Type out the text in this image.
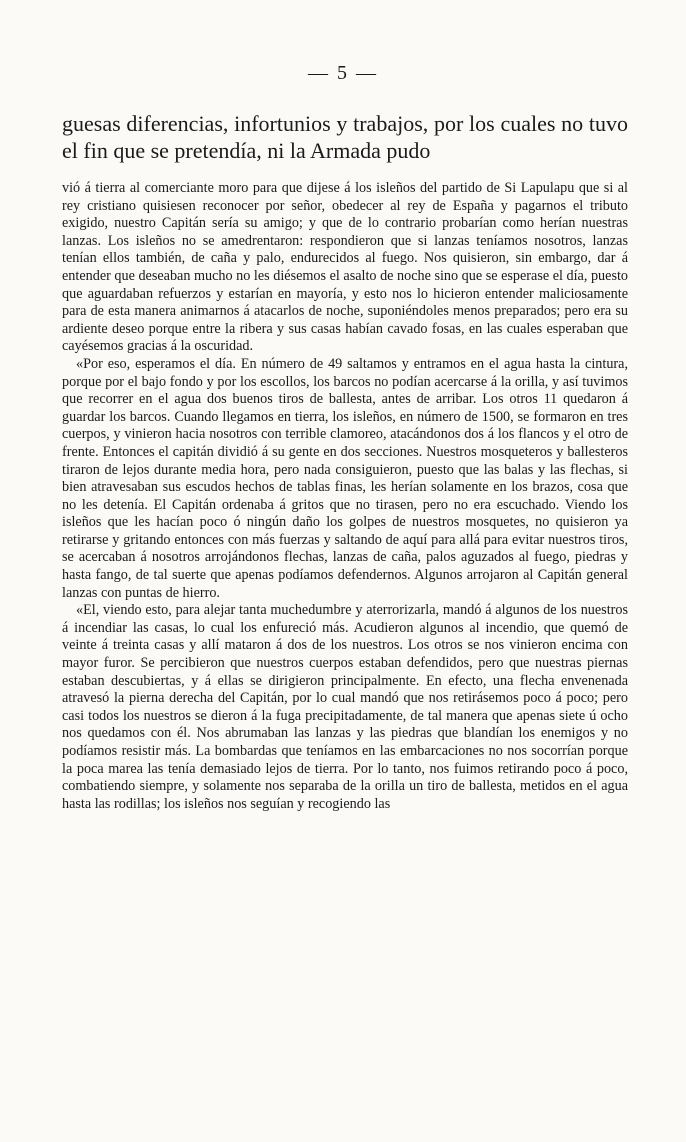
— 5 —

guesas diferencias, infortunios y trabajos, por los cuales no tuvo el fin que se pretendía, ni la Armada pudo

vió á tierra al comerciante moro para que dijese á los isleños del partido de Si Lapulapu que si al rey cristiano quisiesen reconocer por señor, obedecer al rey de España y pagarnos el tributo exigido, nuestro Capitán sería su amigo; y que de lo contrario probarían como herían nuestras lanzas. Los isleños no se amedrentaron: respondieron que si lanzas teníamos nosotros, lanzas tenían ellos también, de caña y palo, endurecidos al fuego. Nos quisieron, sin embargo, dar á entender que deseaban mucho no les diésemos el asalto de noche sino que se esperase el día, puesto que aguardaban refuerzos y estarían en mayoría, y esto nos lo hicieron entender maliciosamente para de esta manera animarnos á atacarlos de noche, suponiéndoles menos preparados; pero era su ardiente deseo porque entre la ribera y sus casas habían cavado fosas, en las cuales esperaban que cayésemos gracias á la oscuridad.

«Por eso, esperamos el día. En número de 49 saltamos y entramos en el agua hasta la cintura, porque por el bajo fondo y por los escollos, los barcos no podían acercarse á la orilla, y así tuvimos que recorrer en el agua dos buenos tiros de ballesta, antes de arribar. Los otros 11 quedaron á guardar los barcos. Cuando llegamos en tierra, los isleños, en número de 1500, se formaron en tres cuerpos, y vinieron hacia nosotros con terrible clamoreo, atacándonos dos á los flancos y el otro de frente. Entonces el capitán dividió á su gente en dos secciones. Nuestros mosqueteros y ballesteros tiraron de lejos durante media hora, pero nada consiguieron, puesto que las balas y las flechas, si bien atravesaban sus escudos hechos de tablas finas, les herían solamente en los brazos, cosa que no les detenía. El Capitán ordenaba á gritos que no tirasen, pero no era escuchado. Viendo los isleños que les hacían poco ó ningún daño los golpes de nuestros mosquetes, no quisieron ya retirarse y gritando entonces con más fuerzas y saltando de aquí para allá para evitar nuestros tiros, se acercaban á nosotros arrojándonos flechas, lanzas de caña, palos aguzados al fuego, piedras y hasta fango, de tal suerte que apenas podíamos defendernos. Algunos arrojaron al Capitán general lanzas con puntas de hierro.

«El, viendo esto, para alejar tanta muchedumbre y aterrorizarla, mandó á algunos de los nuestros á incendiar las casas, lo cual los enfureció más. Acudieron algunos al incendio, que quemó de veinte á treinta casas y allí mataron á dos de los nuestros. Los otros se nos vinieron encima con mayor furor. Se percibieron que nuestros cuerpos estaban defendidos, pero que nuestras piernas estaban descubiertas, y á ellas se dirigieron principalmente. En efecto, una flecha envenenada atravesó la pierna derecha del Capitán, por lo cual mandó que nos retirásemos poco á poco; pero casi todos los nuestros se dieron á la fuga precipitadamente, de tal manera que apenas siete ú ocho nos quedamos con él. Nos abrumaban las lanzas y las piedras que blandían los enemigos y no podíamos resistir más. La bombardas que teníamos en las embarcaciones no nos socorrían porque la poca marea las tenía demasiado lejos de tierra. Por lo tanto, nos fuimos retirando poco á poco, combatiendo siempre, y solamente nos separaba de la orilla un tiro de ballesta, metidos en el agua hasta las rodillas; los isleños nos seguían y recogiendo las
